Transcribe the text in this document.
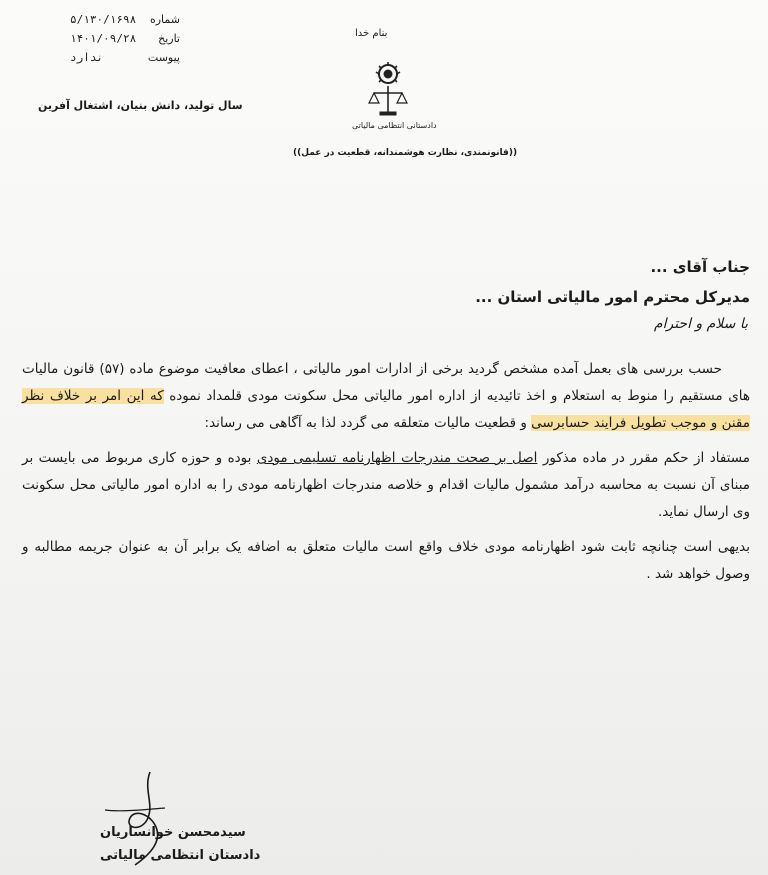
شماره
۵/۱۳۰/۱۶۹۸
تاریخ
۱۴۰۱/۰۹/۲۸
پیوست
ندارد
بنام خدا
سال تولید، دانش بنیان، اشتغال آفرین
دادستانی انتظامی مالیاتی
((قانونمندی، نظارت هوشمندانه، قطعیت در عمل))
جناب آقای ...
مدیرکل محترم امور مالیاتی استان ...
با سلام و احترام

حسب بررسی های بعمل آمده مشخص گردید برخی از ادارات امور مالیاتی ، اعطای معافیت موضوع ماده (۵۷) قانون مالیات های مستقیم را منوط به استعلام و اخذ تائیدیه از اداره امور مالیاتی محل سکونت مودی قلمداد نموده که این امر بر خلاف نظر مقنن و موجب تطویل فرایند حسابرسی و قطعیت مالیات متعلقه می گردد لذا به آگاهی می رساند:

مستفاد از حکم مقرر در ماده مذکور اصل بر صحت مندرجات اظهارنامه تسلیمی مودی بوده و حوزه کاری مربوط می بایست بر مبنای آن نسبت به محاسبه درآمد مشمول مالیات اقدام و خلاصه مندرجات اظهارنامه مودی را به اداره امور مالیاتی محل سکونت وی ارسال نماید.

بدیهی است چنانچه ثابت شود اظهارنامه مودی خلاف واقع است مالیات متعلق به اضافه یک برابر آن به عنوان جریمه مطالبه و وصول خواهد شد .

سیدمحسن خوانساریان
دادستان انتظامی مالیاتی
